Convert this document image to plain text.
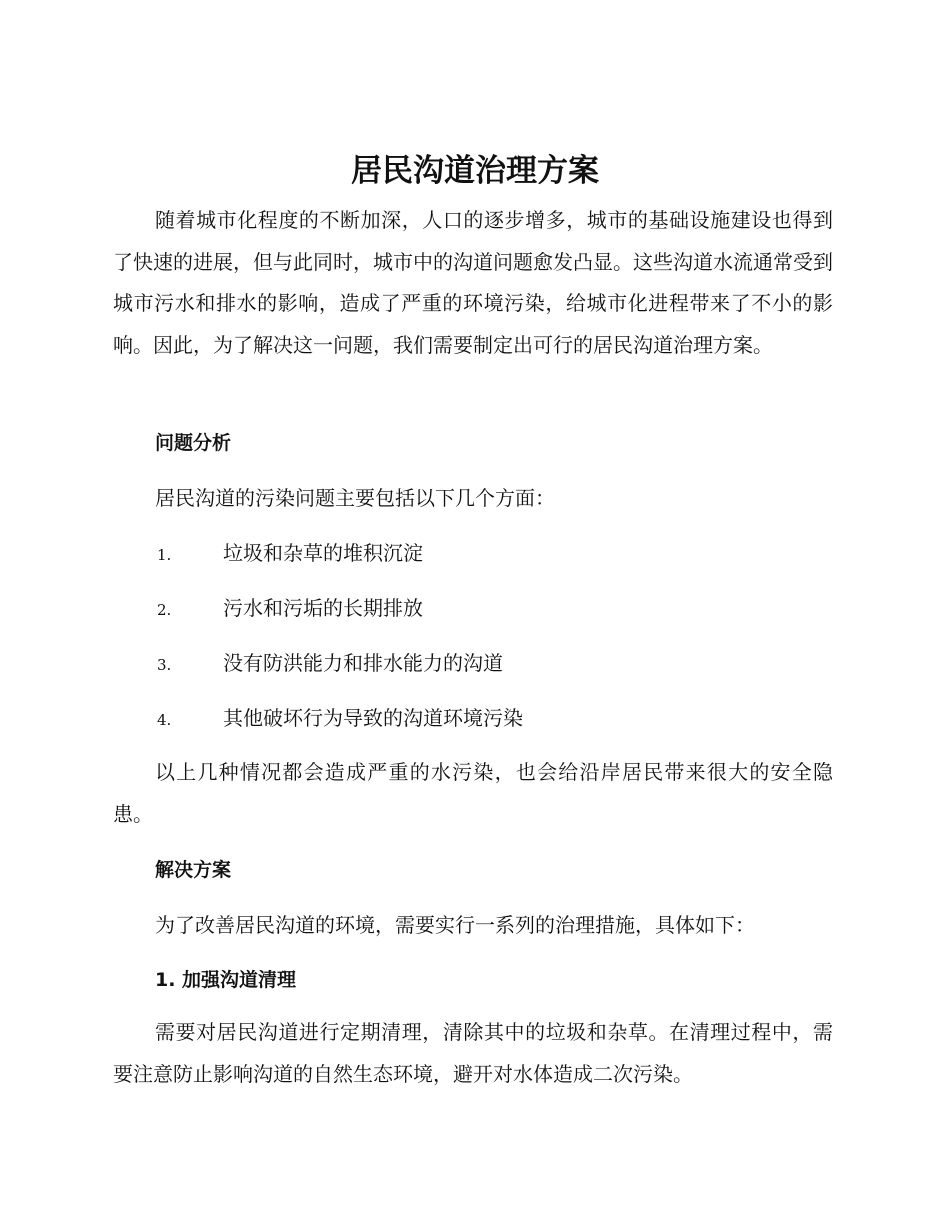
居民沟道治理方案

随着城市化程度的不断加深，人口的逐步增多，城市的基础设施建设也得到了快速的进展，但与此同时，城市中的沟道问题愈发凸显。这些沟道水流通常受到城市污水和排水的影响，造成了严重的环境污染，给城市化进程带来了不小的影响。因此，为了解决这一问题，我们需要制定出可行的居民沟道治理方案。

问题分析

居民沟道的污染问题主要包括以下几个方面：

1.	垃圾和杂草的堆积沉淀
2.	污水和污垢的长期排放
3.	没有防洪能力和排水能力的沟道
4.	其他破坏行为导致的沟道环境污染

以上几种情况都会造成严重的水污染，也会给沿岸居民带来很大的安全隐患。

解决方案

为了改善居民沟道的环境，需要实行一系列的治理措施，具体如下：

1. 加强沟道清理

需要对居民沟道进行定期清理，清除其中的垃圾和杂草。在清理过程中，需要注意防止影响沟道的自然生态环境，避开对水体造成二次污染。
